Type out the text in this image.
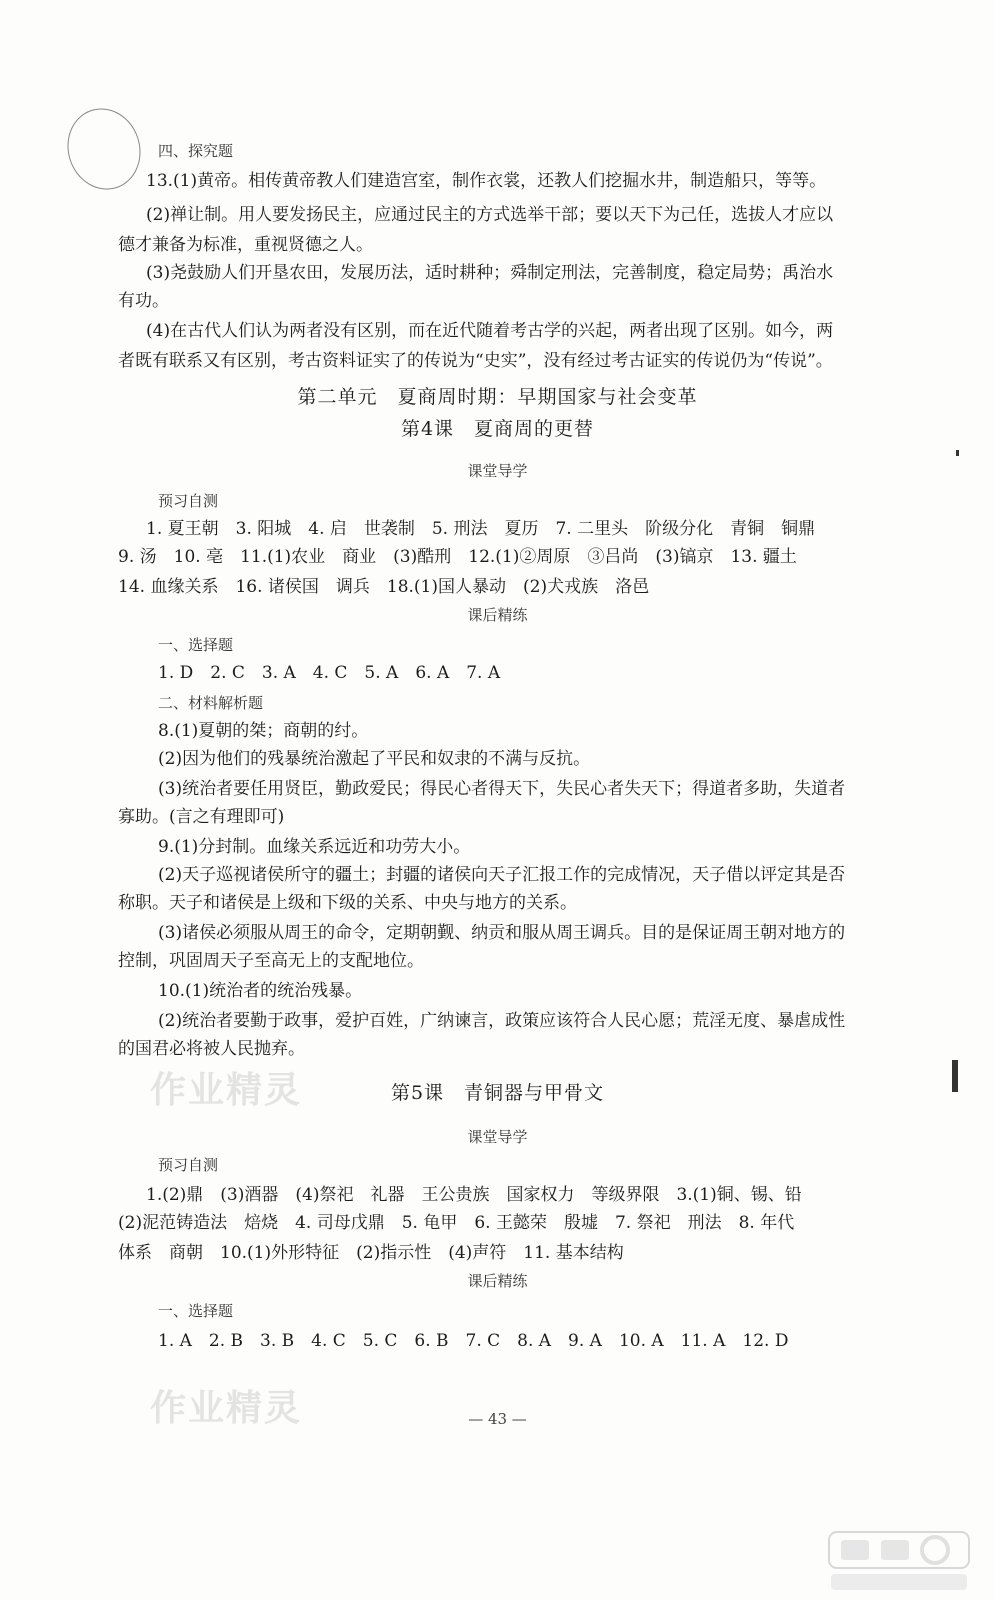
四、探究题
13.(1)黄帝。相传黄帝教人们建造宫室，制作衣裳，还教人们挖掘水井，制造船只，等等。
(2)禅让制。用人要发扬民主，应通过民主的方式选举干部；要以天下为己任，选拔人才应以
德才兼备为标准，重视贤德之人。
(3)尧鼓励人们开垦农田，发展历法，适时耕种；舜制定刑法，完善制度，稳定局势；禹治水
有功。
(4)在古代人们认为两者没有区别，而在近代随着考古学的兴起，两者出现了区别。如今，两
者既有联系又有区别，考古资料证实了的传说为“史实”，没有经过考古证实的传说仍为“传说”。
第二单元　夏商周时期：早期国家与社会变革
第4课　夏商周的更替
课堂导学
预习自测
1. 夏王朝　3. 阳城　4. 启　世袭制　5. 刑法　夏历　7. 二里头　阶级分化　青铜　铜鼎
9. 汤　10. 亳　11.(1)农业　商业　(3)酷刑　12.(1)②周原　③吕尚　(3)镐京　13. 疆土
14. 血缘关系　16. 诸侯国　调兵　18.(1)国人暴动　(2)犬戎族　洛邑
课后精练
一、选择题
1. D　2. C　3. A　4. C　5. A　6. A　7. A
二、材料解析题
8.(1)夏朝的桀；商朝的纣。
(2)因为他们的残暴统治激起了平民和奴隶的不满与反抗。
(3)统治者要任用贤臣，勤政爱民；得民心者得天下，失民心者失天下；得道者多助，失道者
寡助。(言之有理即可)
9.(1)分封制。血缘关系远近和功劳大小。
(2)天子巡视诸侯所守的疆土；封疆的诸侯向天子汇报工作的完成情况，天子借以评定其是否
称职。天子和诸侯是上级和下级的关系、中央与地方的关系。
(3)诸侯必须服从周王的命令，定期朝觐、纳贡和服从周王调兵。目的是保证周王朝对地方的
控制，巩固周天子至高无上的支配地位。
10.(1)统治者的统治残暴。
(2)统治者要勤于政事，爱护百姓，广纳谏言，政策应该符合人民心愿；荒淫无度、暴虐成性
的国君必将被人民抛弃。
作业精灵	第5课　青铜器与甲骨文
课堂导学
预习自测
1.(2)鼎　(3)酒器　(4)祭祀　礼器　王公贵族　国家权力　等级界限　3.(1)铜、锡、铅
(2)泥范铸造法　焙烧　4. 司母戊鼎　5. 龟甲　6. 王懿荣　殷墟　7. 祭祀　刑法　8. 年代
体系　商朝　10.(1)外形特征　(2)指示性　(4)声符　11. 基本结构
课后精练
一、选择题
1. A　2. B　3. B　4. C　5. C　6. B　7. C　8. A　9. A　10. A　11. A　12. D
作业精灵	— 43 —
